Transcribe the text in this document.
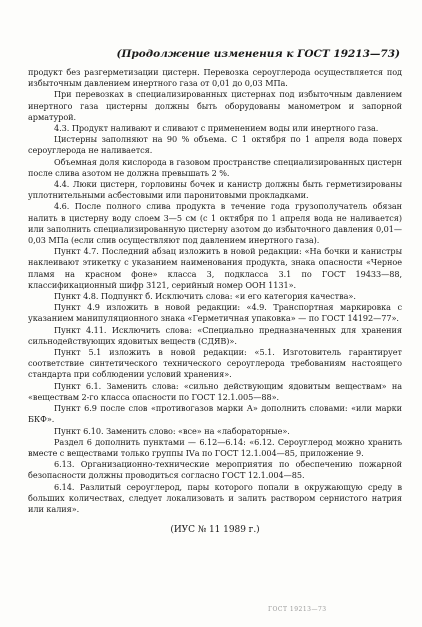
(Продолжение изменения к ГОСТ 19213—73)

продукт без разгерметизации цистерн. Перевозка сероуглерода осуществляется под избыточным давлением инертного газа от 0,01 до 0,03 МПа.

При перевозках в специализированных цистернах под избыточным давлением инертного газа цистерны должны быть оборудованы манометром и запорной арматурой.

4.3. Продукт наливают и сливают с применением воды или инертного газа.

Цистерны заполняют на 90 % объема. С 1 октября по 1 апреля вода поверх сероуглерода не наливается.

Объемная доля кислорода в газовом пространстве специализированных цистерн после слива азотом не должна превышать 2 %.

4.4. Люки цистерн, горловины бочек и канистр должны быть герметизированы уплотнительными асбестовыми или паронитовыми прокладками.

4.6. После полного слива продукта в течение года грузополучатель обязан налить в цистерну воду слоем 3—5 см (с 1 октября по 1 апреля вода не наливается) или заполнить специализированную цистерну азотом до избыточного давления 0,01—0,03 МПа (если слив осуществляют под давлением инертного газа).

Пункт 4.7. Последний абзац изложить в новой редакции: «На бочки и канистры наклеивают этикетку с указанием наименования продукта, знака опасности «Черное пламя на красном фоне» класса 3, подкласса 3.1 по ГОСТ 19433—88, классификационный шифр 3121, серийный номер ООН 1131».

Пункт 4.8. Подпункт б. Исключить слова: «и его категория качества».

Пункт 4.9 изложить в новой редакции: «4.9. Транспортная маркировка с указанием манипуляционного знака «Герметичная упаковка» — по ГОСТ 14192—77».

Пункт 4.11. Исключить слова: «Специально предназначенных для хранения сильнодействующих ядовитых веществ (СДЯВ)».

Пункт 5.1 изложить в новой редакции: «5.1. Изготовитель гарантирует соответствие синтетического технического сероуглерода требованиям настоящего стандарта при соблюдении условий хранения».

Пункт 6.1. Заменить слова: «сильно действующим ядовитым веществам» на «веществам 2-го класса опасности по ГОСТ 12.1.005—88».

Пункт 6.9 после слов «противогазов марки А» дополнить словами: «или марки БКФ».

Пункт 6.10. Заменить слово: «все» на «лабораторные».

Раздел 6 дополнить пунктами — 6.12—6.14: «6.12. Сероуглерод можно хранить вместе с веществами только группы IVа по ГОСТ 12.1.004—85, приложение 9.

6.13. Организационно-технические мероприятия по обеспечению пожарной безопасности должны проводиться согласно ГОСТ 12.1.004—85.

6.14. Разлитый сероуглерод, пары которого попали в окружающую среду в больших количествах, следует локализовать и залить раствором сернистого натрия или калия».

(ИУС № 11 1989 г.)

ГОСТ 19213—73
